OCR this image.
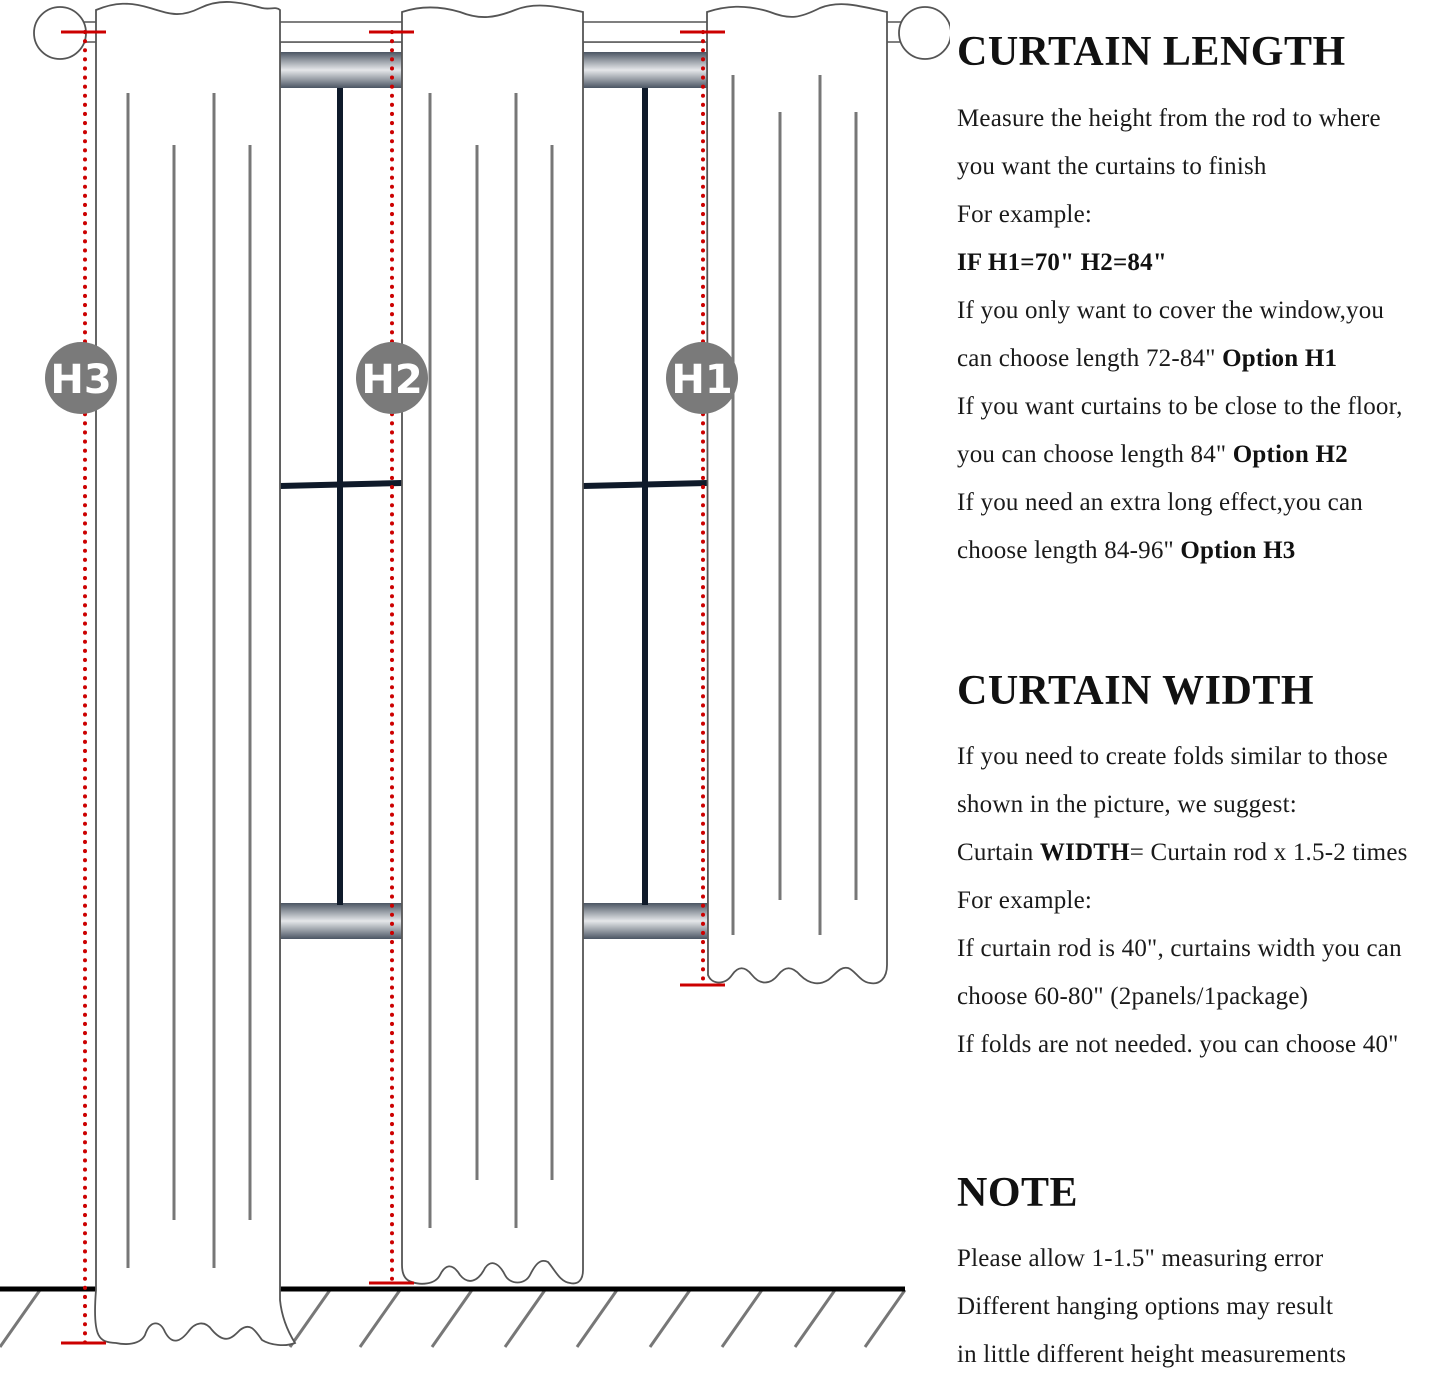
H3	H2	H1
CURTAIN LENGTH
Measure the height from the rod to where
you want the curtains to finish
For example:
IF H1=70" H2=84"
If you only want to cover the window,you
can choose length 72-84" Option H1
If you want curtains to be close to the floor,
you can choose length 84" Option H2
If you need an extra long effect,you can
choose length 84-96" Option H3
CURTAIN WIDTH
If you need to create folds similar to those
shown in the picture, we suggest:
Curtain WIDTH= Curtain rod x 1.5-2 times
For example:
If curtain rod is 40", curtains width you can
choose 60-80" (2panels/1package)
If folds are not needed. you can choose 40"
NOTE
Please allow 1-1.5" measuring error
Different hanging options may result
in little different height measurements
